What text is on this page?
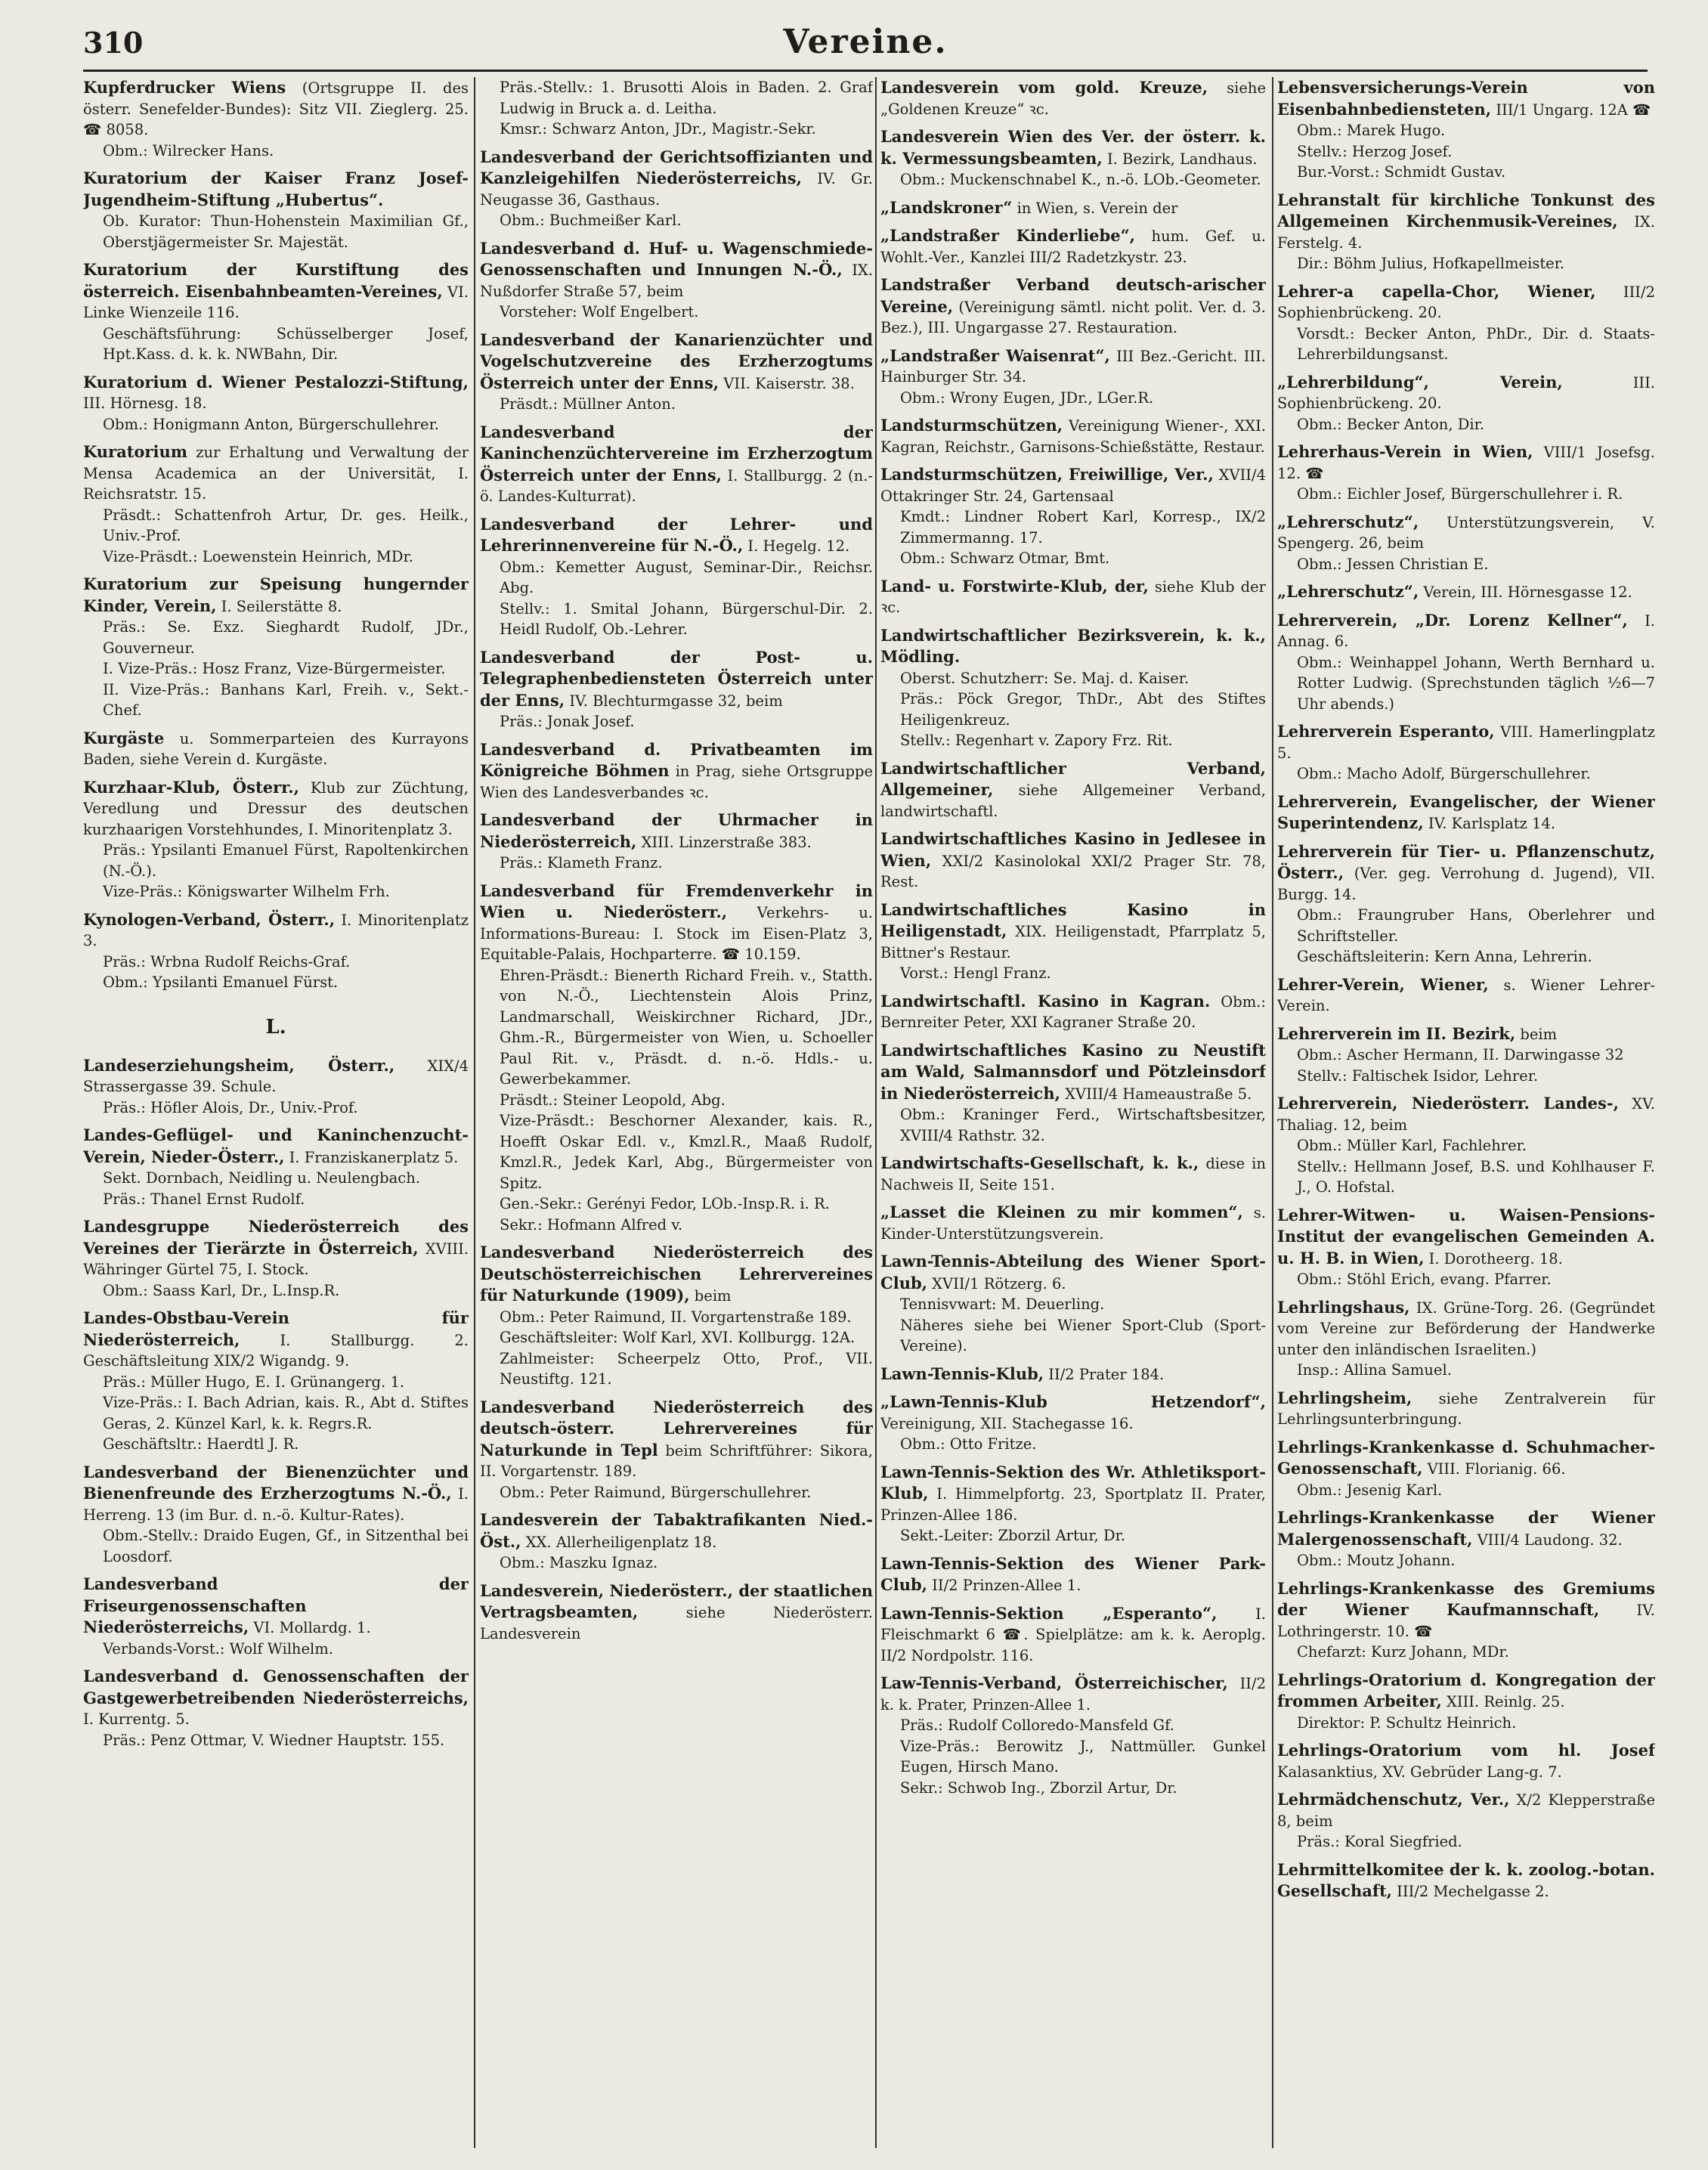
310	Vereine.
Kupferdrucker Wiens (Ortsgruppe II. des österr. Senefelder-Bundes): Sitz VII. Zieglerg. 25. ☎ 8058.
Obm.: Wilrecker Hans.
Kuratorium der Kaiser Franz Josef-Jugendheim-Stiftung „Hubertus“.
Ob. Kurator: Thun-Hohenstein Maximilian Gf., Oberstjägermeister Sr. Majestät.
Kuratorium der Kurstiftung des österreich. Eisenbahnbeamten-Vereines, VI. Linke Wienzeile 116.
Geschäftsführung: Schüsselberger Josef, Hpt.Kass. d. k. k. NWBahn, Dir.
Kuratorium d. Wiener Pestalozzi-Stiftung, III. Hörnesg. 18.
Obm.: Honigmann Anton, Bürgerschullehrer.
Kuratorium zur Erhaltung und Verwaltung der Mensa Academica an der Universität, I. Reichsratstr. 15.
Präsdt.: Schattenfroh Artur, Dr. ges. Heilk., Univ.-Prof.
Vize-Präsdt.: Loewenstein Heinrich, MDr.
Kuratorium zur Speisung hungernder Kinder, Verein, I. Seilerstätte 8.
Präs.: Se. Exz. Sieghardt Rudolf, JDr., Gouverneur.
I. Vize-Präs.: Hosz Franz, Vize-Bürgermeister.
II. Vize-Präs.: Banhans Karl, Freih. v., Sekt.-Chef.
Kurgäste u. Sommerparteien des Kurrayons Baden, siehe Verein d. Kurgäste.
Kurzhaar-Klub, Österr., Klub zur Züchtung, Veredlung und Dressur des deutschen kurzhaarigen Vorstehhundes, I. Minoritenplatz 3.
Präs.: Ypsilanti Emanuel Fürst, Rapoltenkirchen (N.-Ö.).
Vize-Präs.: Königswarter Wilhelm Frh.
Kynologen-Verband, Österr., I. Minoritenplatz 3.
Präs.: Wrbna Rudolf Reichs-Graf.
Obm.: Ypsilanti Emanuel Fürst.
L.
Landeserziehungsheim, Österr., XIX/4 Strassergasse 39. Schule.
Präs.: Höfler Alois, Dr., Univ.-Prof.
Landes-Geflügel- und Kaninchenzucht-Verein, Nieder-Österr., I. Franziskanerplatz 5.
Sekt. Dornbach, Neidling u. Neulengbach.
Präs.: Thanel Ernst Rudolf.
Landesgruppe Niederösterreich des Vereines der Tierärzte in Österreich, XVIII. Währinger Gürtel 75, I. Stock.
Obm.: Saass Karl, Dr., L.Insp.R.
Landes-Obstbau-Verein für Niederösterreich,	I. Stallburgg. 2. Geschäftsleitung XIX/2 Wigandg. 9.
Präs.: Müller Hugo, E. I. Grünangerg. 1.
Vize-Präs.: I. Bach Adrian, kais. R., Abt d. Stiftes Geras, 2. Künzel Karl, k. k. Regrs.R.
Geschäftsltr.: Haerdtl J. R.
Landesverband der Bienenzüchter und Bienenfreunde des Erzherzogtums N.-Ö., I. Herreng. 13 (im Bur. d. n.-ö. Kultur-Rates).
Obm.-Stellv.: Draido Eugen, Gf., in Sitzenthal bei Loosdorf.
Landesverband der Friseurgenossenschaften Niederösterreichs, VI. Mollardg. 1.
Verbands-Vorst.: Wolf Wilhelm.
Landesverband d. Genossenschaften der Gastgewerbetreibenden Niederösterreichs, I. Kurrentg. 5.
Präs.: Penz Ottmar, V. Wiedner Hauptstr. 155.
Präs.-Stellv.: 1. Brusotti Alois in Baden. 2. Graf Ludwig in Bruck a. d. Leitha.
Kmsr.: Schwarz Anton, JDr., Magistr.-Sekr.
Landesverband der Gerichtsoffizianten und Kanzleigehilfen Niederösterreichs, IV. Gr. Neugasse 36, Gasthaus.
Obm.: Buchmeißer Karl.
Landesverband d. Huf- u. Wagenschmiede-Genossenschaften und Innungen N.-Ö., IX. Nußdorfer Straße 57, beim
Vorsteher: Wolf Engelbert.
Landesverband der Kanarienzüchter und Vogelschutzvereine des Erzherzogtums Österreich unter der Enns, VII. Kaiserstr. 38.
Präsdt.: Müllner Anton.
Landesverband der Kaninchenzüchtervereine im Erzherzogtum Österreich unter der Enns, I. Stallburgg. 2 (n.-ö. Landes-Kulturrat).
Landesverband der Lehrer- und Lehrerinnenvereine für N.-Ö., I. Hegelg. 12.
Obm.: Kemetter August, Seminar-Dir., Reichsr. Abg.
Stellv.: 1. Smital Johann, Bürgerschul-Dir. 2. Heidl Rudolf, Ob.-Lehrer.
Landesverband der Post- u. Telegraphenbediensteten Österreich unter der Enns, IV. Blechturmgasse 32, beim
Präs.: Jonak Josef.
Landesverband d. Privatbeamten im Königreiche Böhmen in Prag, siehe Ortsgruppe Wien des Landesverbandes ꝛc.
Landesverband der Uhrmacher in Niederösterreich, XIII. Linzerstraße 383.
Präs.: Klameth Franz.
Landesverband für Fremdenverkehr in Wien u. Niederösterr., Verkehrs- u. Informations-Bureau: I. Stock im Eisen-Platz 3, Equitable-Palais, Hochparterre. ☎ 10.159.
Ehren-Präsdt.: Bienerth Richard Freih. v., Statth. von N.-Ö., Liechtenstein Alois Prinz, Landmarschall, Weiskirchner Richard, JDr., Ghm.-R., Bürgermeister von Wien, u. Schoeller Paul Rit. v., Präsdt. d. n.-ö. Hdls.- u. Gewerbekammer.
Präsdt.: Steiner Leopold, Abg.
Vize-Präsdt.: Beschorner Alexander, kais. R., Hoefft Oskar Edl. v., Kmzl.R., Maaß Rudolf, Kmzl.R., Jedek Karl, Abg., Bürgermeister von Spitz.
Gen.-Sekr.: Gerényi Fedor, LOb.-Insp.R. i. R.
Sekr.: Hofmann Alfred v.
Landesverband Niederösterreich des Deutschösterreichischen Lehrervereines für Naturkunde (1909), beim
Obm.: Peter Raimund, II. Vorgartenstraße 189.
Geschäftsleiter: Wolf Karl, XVI. Kollburgg. 12A.
Zahlmeister: Scheerpelz Otto, Prof., VII. Neustiftg. 121.
Landesverband Niederösterreich des deutsch-österr. Lehrervereines für Naturkunde in Tepl beim Schriftführer: Sikora, II. Vorgartenstr. 189.
Obm.: Peter Raimund, Bürgerschullehrer.
Landesverein der Tabaktrafikanten Nied.-Öst., XX. Allerheiligenplatz 18.
Obm.: Maszku Ignaz.
Landesverein, Niederösterr., der staatlichen Vertragsbeamten,	siehe Niederösterr. Landesverein
Landesverein vom gold. Kreuze, siehe „Goldenen Kreuze“ ꝛc.
Landesverein Wien des Ver. der österr. k. k. Vermessungsbeamten, I. Bezirk, Landhaus.
Obm.: Muckenschnabel K., n.-ö. LOb.-Geometer.
„Landskroner“ in Wien, s. Verein der
„Landstraßer Kinderliebe“, hum. Gef. u. Wohlt.-Ver., Kanzlei III/2 Radetzkystr. 23.
Landstraßer Verband deutsch-arischer Vereine, (Vereinigung sämtl. nicht polit. Ver. d. 3. Bez.), III. Ungargasse 27. Restauration.
„Landstraßer Waisenrat“, III Bez.-Gericht. III. Hainburger Str. 34.
Obm.: Wrony Eugen, JDr., LGer.R.
Landsturmschützen, Vereinigung Wiener-, XXI. Kagran, Reichstr., Garnisons-Schießstätte, Restaur.
Landsturmschützen, Freiwillige, Ver., XVII/4 Ottakringer Str. 24, Gartensaal
Kmdt.: Lindner Robert Karl, Korresp., IX/2 Zimmermanng. 17.
Obm.: Schwarz Otmar, Bmt.
Land- u. Forstwirte-Klub, der, siehe Klub der ꝛc.
Landwirtschaftlicher Bezirksverein, k. k., Mödling.
Oberst. Schutzherr: Se. Maj. d. Kaiser.
Präs.: Pöck Gregor, ThDr., Abt des Stiftes Heiligenkreuz.
Stellv.: Regenhart v. Zapory Frz. Rit.
Landwirtschaftlicher Verband, Allgemeiner, siehe Allgemeiner Verband, landwirtschaftl.
Landwirtschaftliches Kasino in Jedlesee in Wien, XXI/2 Kasinolokal XXI/2 Prager Str. 78, Rest.
Landwirtschaftliches Kasino in Heiligenstadt, XIX. Heiligenstadt, Pfarrplatz 5, Bittner's Restaur.
Vorst.: Hengl Franz.
Landwirtschaftl. Kasino in Kagran. Obm.: Bernreiter Peter, XXI Kagraner Straße 20.
Landwirtschaftliches Kasino zu Neustift am Wald, Salmannsdorf und Pötzleinsdorf in Niederösterreich, XVIII/4 Hameaustraße 5.
Obm.: Kraninger Ferd., Wirtschaftsbesitzer, XVIII/4 Rathstr. 32.
Landwirtschafts-Gesellschaft, k. k., diese in Nachweis II, Seite 151.
„Lasset die Kleinen zu mir kommen“, s. Kinder-Unterstützungsverein.
Lawn-Tennis-Abteilung des Wiener Sport-Club, XVII/1 Rötzerg. 6.
Tennisvwart: M. Deuerling.
Näheres siehe bei Wiener Sport-Club (Sport-Vereine).
Lawn-Tennis-Klub, II/2 Prater 184.
„Lawn-Tennis-Klub Hetzendorf“, Vereinigung, XII. Stachegasse 16.
Obm.: Otto Fritze.
Lawn-Tennis-Sektion des Wr. Athletiksport-Klub, I. Himmelpfortg. 23, Sportplatz II. Prater, Prinzen-Allee 186.
Sekt.-Leiter: Zborzil Artur, Dr.
Lawn-Tennis-Sektion des Wiener Park-Club, II/2 Prinzen-Allee 1.
Lawn-Tennis-Sektion „Esperanto“,	I. Fleischmarkt 6 ☎. Spielplätze: am k. k. Aeroplg. II/2 Nordpolstr. 116.
Law-Tennis-Verband, Österreichischer, II/2 k. k. Prater, Prinzen-Allee 1.
Präs.: Rudolf Colloredo-Mansfeld Gf.
Vize-Präs.: Berowitz J., Nattmüller. Gunkel Eugen, Hirsch Mano.
Sekr.: Schwob Ing., Zborzil Artur, Dr.
Lebensversicherungs-Verein von Eisenbahnbediensteten, III/1 Ungarg. 12A ☎
Obm.: Marek Hugo.
Stellv.: Herzog Josef.
Bur.-Vorst.: Schmidt Gustav.
Lehranstalt für kirchliche Tonkunst des Allgemeinen Kirchenmusik-Vereines, IX. Ferstelg. 4.
Dir.: Böhm Julius, Hofkapellmeister.
Lehrer-a capella-Chor, Wiener, III/2 Sophienbrückeng. 20.
Vorsdt.: Becker Anton, PhDr., Dir. d. Staats-Lehrerbildungsanst.
„Lehrerbildung“, Verein,	III. Sophienbrückeng. 20.
Obm.: Becker Anton, Dir.
Lehrerhaus-Verein in Wien, VIII/1 Josefsg. 12. ☎
Obm.: Eichler Josef, Bürgerschullehrer i. R.
„Lehrerschutz“, Unterstützungsverein, V. Spengerg. 26, beim
Obm.: Jessen Christian E.
„Lehrerschutz“, Verein, III. Hörnesgasse 12.
Lehrerverein, „Dr. Lorenz Kellner“, I. Annag. 6.
Obm.: Weinhappel Johann, Werth Bernhard u. Rotter Ludwig. (Sprechstunden täglich ½6—7 Uhr abends.)
Lehrerverein Esperanto, VIII. Hamerlingplatz 5.
Obm.: Macho Adolf, Bürgerschullehrer.
Lehrerverein, Evangelischer, der Wiener Superintendenz, IV. Karlsplatz 14.
Lehrerverein für Tier- u. Pflanzenschutz, Österr., (Ver. geg. Verrohung d. Jugend), VII. Burgg. 14.
Obm.: Fraungruber Hans, Oberlehrer und Schriftsteller.
Geschäftsleiterin: Kern Anna, Lehrerin.
Lehrer-Verein, Wiener, s. Wiener Lehrer-Verein.
Lehrerverein im II. Bezirk, beim
Obm.: Ascher Hermann, II. Darwingasse 32
Stellv.: Faltischek Isidor, Lehrer.
Lehrerverein, Niederösterr. Landes-, XV. Thaliag. 12, beim
Obm.: Müller Karl, Fachlehrer.
Stellv.: Hellmann Josef, B.S. und Kohlhauser F. J., O. Hofstal.
Lehrer-Witwen- u. Waisen-Pensions-Institut der evangelischen Gemeinden A. u. H. B. in Wien, I. Dorotheerg. 18.
Obm.: Stöhl Erich, evang. Pfarrer.
Lehrlingshaus, IX. Grüne-Torg. 26. (Gegründet vom Vereine zur Beförderung der Handwerke unter den inländischen Israeliten.)
Insp.: Allina Samuel.
Lehrlingsheim, siehe Zentralverein für Lehrlingsunterbringung.
Lehrlings-Krankenkasse d. Schuhmacher-Genossenschaft, VIII. Florianig. 66.
Obm.: Jesenig Karl.
Lehrlings-Krankenkasse der Wiener Malergenossenschaft, VIII/4 Laudong. 32.
Obm.: Moutz Johann.
Lehrlings-Krankenkasse des Gremiums der Wiener Kaufmannschaft,	IV. Lothringerstr. 10. ☎
Chefarzt: Kurz Johann, MDr.
Lehrlings-Oratorium d. Kongregation der frommen Arbeiter, XIII. Reinlg. 25.
Direktor: P. Schultz Heinrich.
Lehrlings-Oratorium vom hl. Josef Kalasanktius, XV. Gebrüder Lang-g. 7.
Lehrmädchenschutz, Ver., X/2 Klepperstraße 8, beim
Präs.: Koral Siegfried.
Lehrmittelkomitee der k. k. zoolog.-botan. Gesellschaft, III/2 Mechelgasse 2.
